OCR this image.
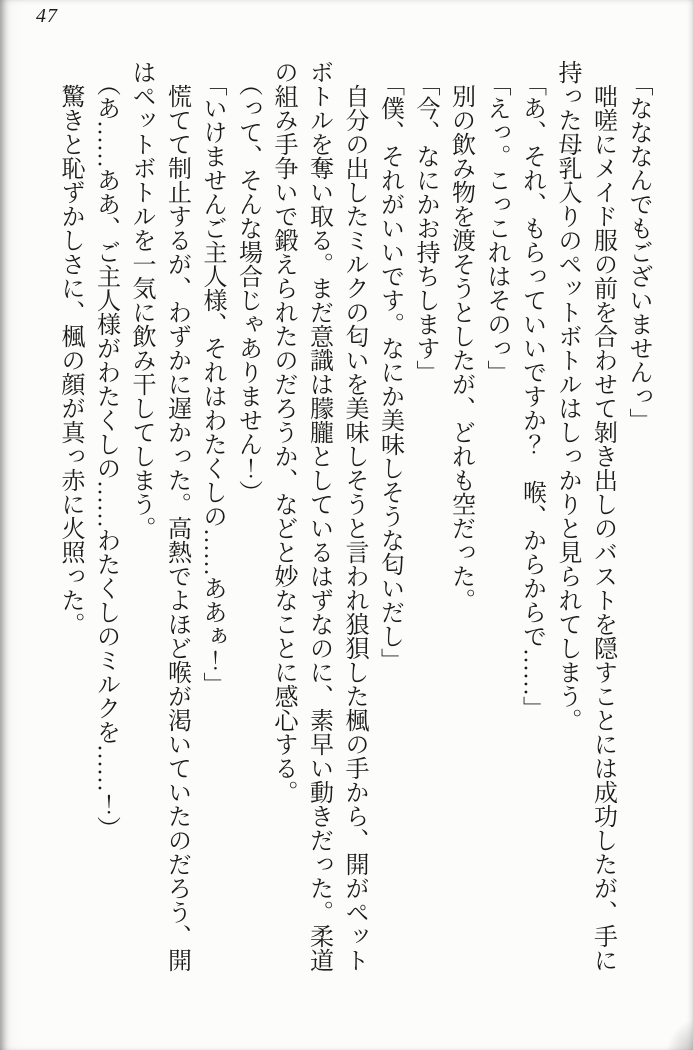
47

「なななんでもございませんっ」

咄嗟にメイド服の前を合わせて剝き出しのバストを隠すことには成功したが、手に

持った母乳入りのペットボトルはしっかりと見られてしまう。

「あ、それ、もらっていいですか？　喉、からからで……」

「えっ。こっこれはそのっ」

別の飲み物を渡そうとしたが、どれも空だった。

「今、なにかお持ちします」

「僕、それがいいです。なにか美味しそうな匂いだし」

自分の出したミルクの匂いを美味しそうと言われ狼狽した楓の手から、開がペット

ボトルを奪い取る。まだ意識は朦朧としているはずなのに、素早い動きだった。柔道

の組み手争いで鍛えられたのだろうか、などと妙なことに感心する。

（って、そんな場合じゃありません！）

「いけませんご主人様、それはわたくしの……ああぁ！」

慌てて制止するが、わずかに遅かった。高熱でよほど喉が渇いていたのだろう、開

はペットボトルを一気に飲み干してしまう。

（あ……ああ、ご主人様がわたくしの……わたくしのミルクを……！）

驚きと恥ずかしさに、楓の顔が真っ赤に火照った。
